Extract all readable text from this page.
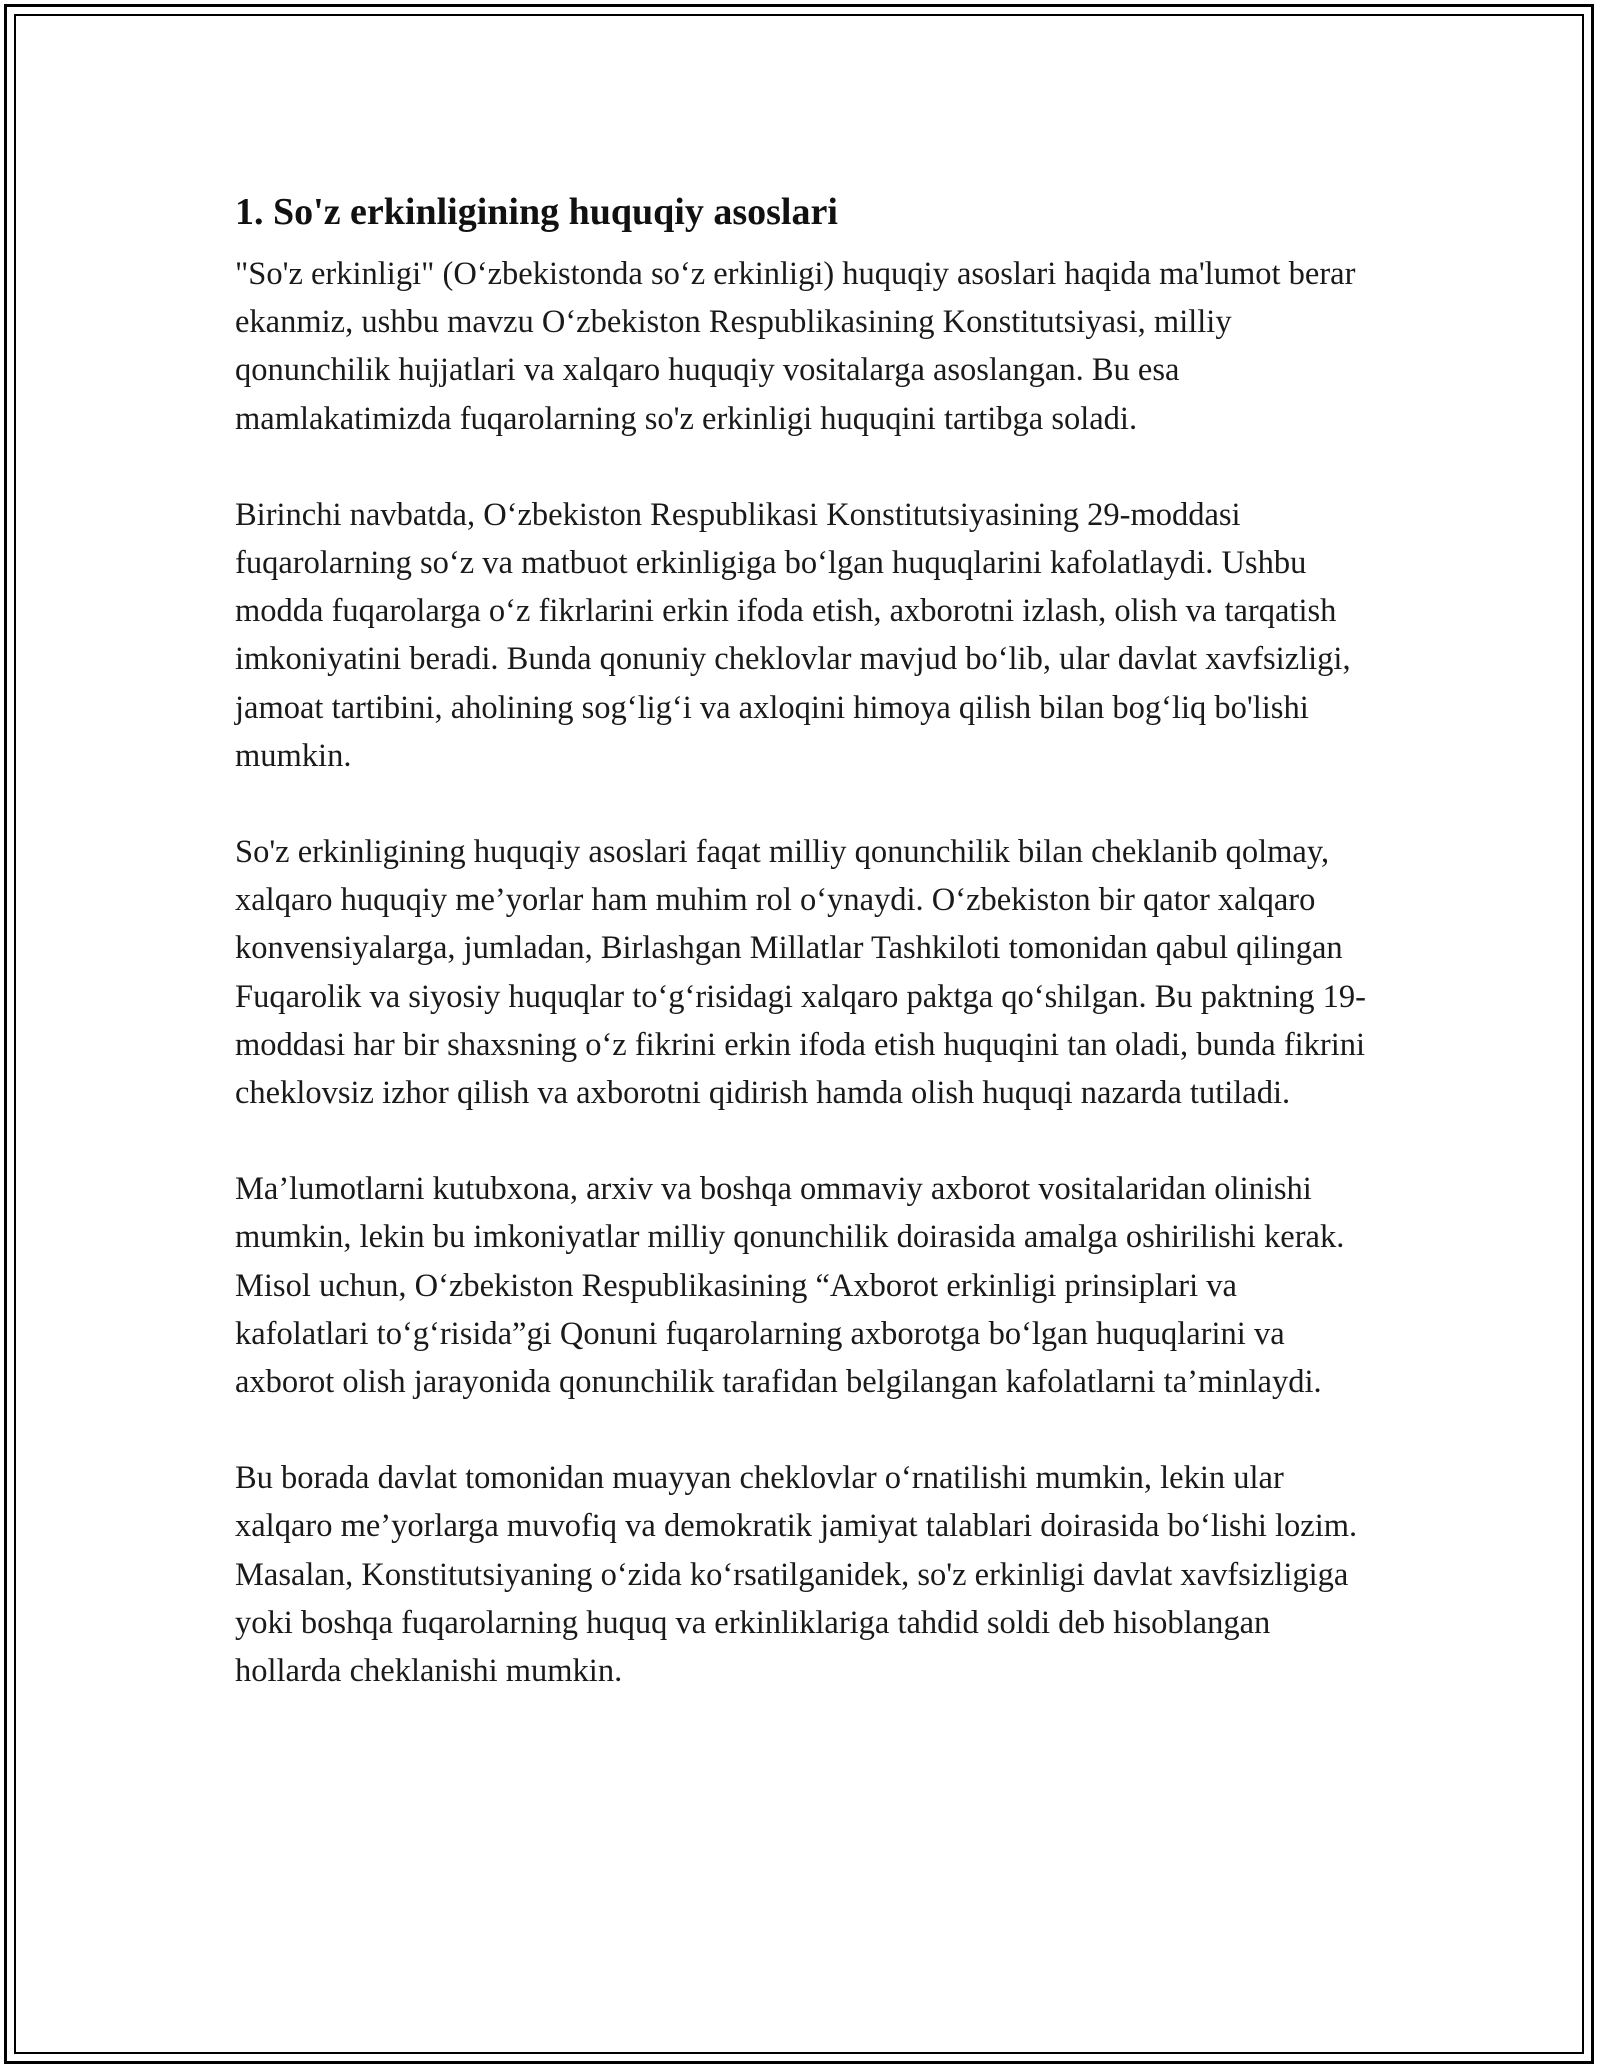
1. So'z erkinligining huquqiy asoslari

"So'z erkinligi" (O‘zbekistonda so‘z erkinligi) huquqiy asoslari haqida ma'lumot berar ekanmiz, ushbu mavzu O‘zbekiston Respublikasining Konstitutsiyasi, milliy qonunchilik hujjatlari va xalqaro huquqiy vositalarga asoslangan. Bu esa mamlakatimizda fuqarolarning so'z erkinligi huquqini tartibga soladi.

Birinchi navbatda, O‘zbekiston Respublikasi Konstitutsiyasining 29-moddasi fuqarolarning so‘z va matbuot erkinligiga bo‘lgan huquqlarini kafolatlaydi. Ushbu modda fuqarolarga o‘z fikrlarini erkin ifoda etish, axborotni izlash, olish va tarqatish imkoniyatini beradi. Bunda qonuniy cheklovlar mavjud bo‘lib, ular davlat xavfsizligi, jamoat tartibini, aholining sog‘lig‘i va axloqini himoya qilish bilan bog‘liq bo'lishi mumkin.

So'z erkinligining huquqiy asoslari faqat milliy qonunchilik bilan cheklanib qolmay, xalqaro huquqiy me’yorlar ham muhim rol o‘ynaydi. O‘zbekiston bir qator xalqaro konvensiyalarga, jumladan, Birlashgan Millatlar Tashkiloti tomonidan qabul qilingan Fuqarolik va siyosiy huquqlar to‘g‘risidagi xalqaro paktga qo‘shilgan. Bu paktning 19-moddasi har bir shaxsning o‘z fikrini erkin ifoda etish huquqini tan oladi, bunda fikrini cheklovsiz izhor qilish va axborotni qidirish hamda olish huquqi nazarda tutiladi.

Ma’lumotlarni kutubxona, arxiv va boshqa ommaviy axborot vositalaridan olinishi mumkin, lekin bu imkoniyatlar milliy qonunchilik doirasida amalga oshirilishi kerak. Misol uchun, O‘zbekiston Respublikasining “Axborot erkinligi prinsiplari va kafolatlari to‘g‘risida”gi Qonuni fuqarolarning axborotga bo‘lgan huquqlarini va axborot olish jarayonida qonunchilik tarafidan belgilangan kafolatlarni ta’minlaydi.

Bu borada davlat tomonidan muayyan cheklovlar o‘rnatilishi mumkin, lekin ular xalqaro me’yorlarga muvofiq va demokratik jamiyat talablari doirasida bo‘lishi lozim. Masalan, Konstitutsiyaning o‘zida ko‘rsatilganidek, so'z erkinligi davlat xavfsizligiga yoki boshqa fuqarolarning huquq va erkinliklariga tahdid soldi deb hisoblangan hollarda cheklanishi mumkin.
